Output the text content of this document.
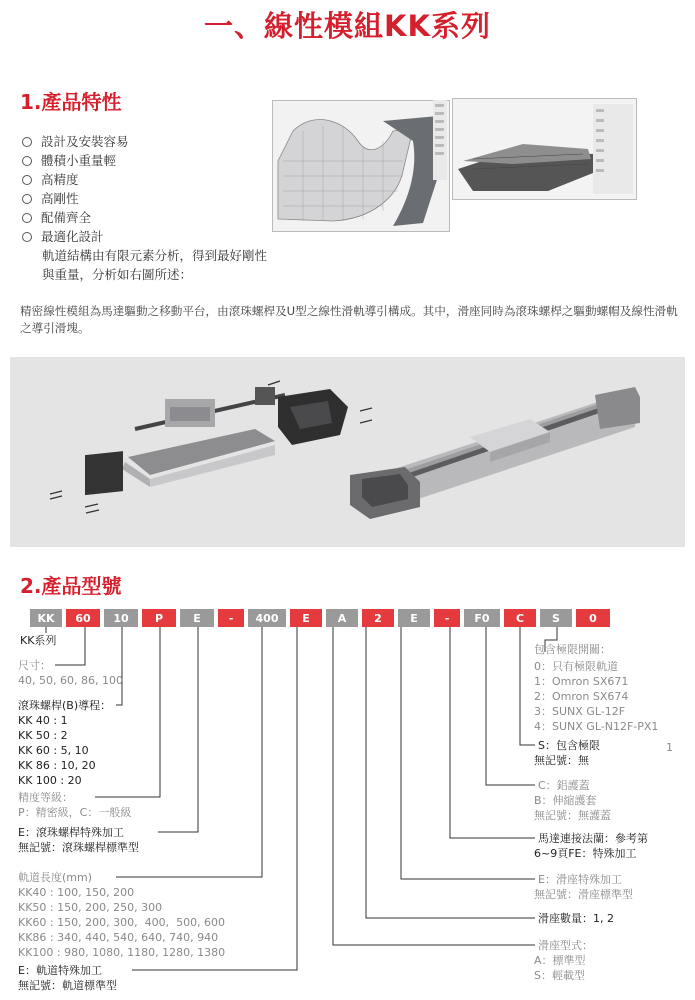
一、線性模組KK系列
1.產品特性
設計及安裝容易
體積小重量輕
高精度
高剛性
配備齊全
最適化設計
軌道結構由有限元素分析，得到最好剛性
與重量，分析如右圖所述：
精密線性模組為馬達驅動之移動平台，由滾珠螺桿及U型之線性滑軌導引構成。其中，滑座同時為滾珠螺桿之驅動螺帽及線性滑軌之導引滑塊。
2.產品型號
KK	60	10	P	E	-	400	E	A	2	E	-	F0	C	S	0
KK系列
尺寸：
40, 50, 60, 86, 100
滾珠螺桿(B)導程：
KK 40 : 1
KK 50 : 2
KK 60 : 5, 10
KK 86 : 10, 20
KK 100 : 20
精度等級：
P：精密級，C：一般級
E：滾珠螺桿特殊加工
無記號：滾珠螺桿標準型
軌道長度(mm)
KK40 : 100, 150, 200
KK50 : 150, 200, 250, 300
KK60 : 150, 200, 300,  400,  500, 600
KK86 : 340, 440, 540, 640, 740, 940
KK100 : 980, 1080, 1180, 1280, 1380
E：軌道特殊加工
無記號：軌道標準型
包含極限開關：
0：只有極限軌道
1：Omron SX671
2：Omron SX674
3：SUNX GL-12F
4：SUNX GL-N12F-PX1
S：包含極限
無記號：無
1
C：鋁護蓋
B：伸縮護套
無記號：無護蓋
馬達連接法蘭：參考第
6~9頁FE：特殊加工
E：滑座特殊加工
無記號：滑座標準型
滑座數量：1, 2
滑座型式：
A：標準型
S：輕載型
